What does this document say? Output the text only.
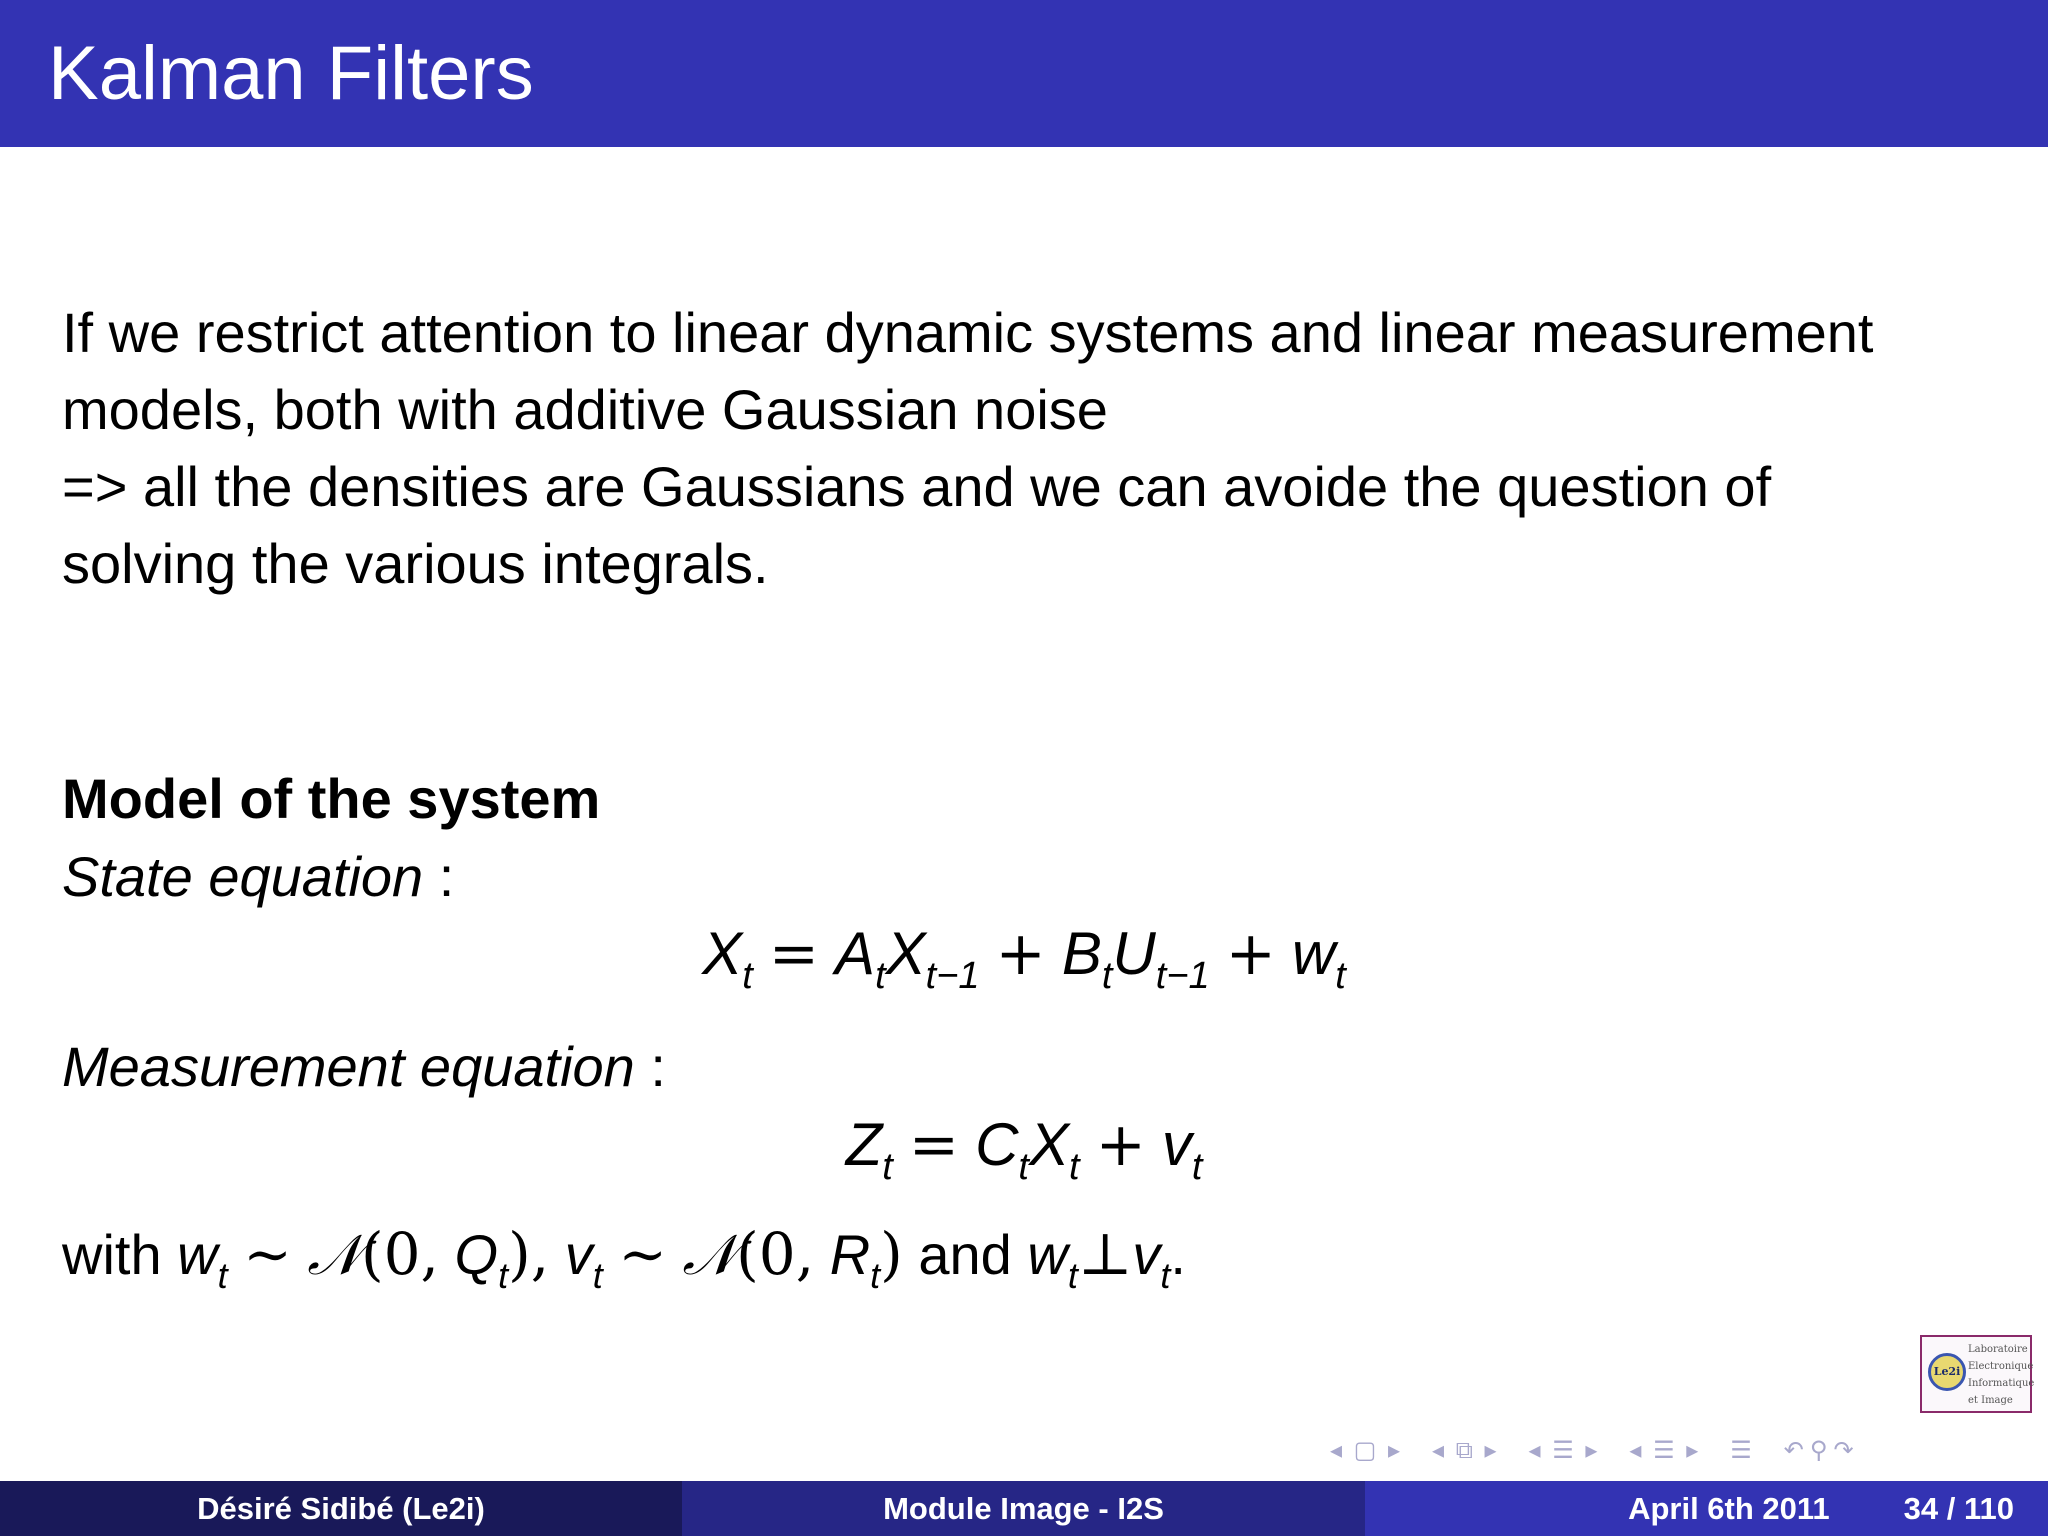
Kalman Filters
If we restrict attention to linear dynamic systems and linear measurement
models, both with additive Gaussian noise
=> all the densities are Gaussians and we can avoide the question of
solving the various integrals.
Model of the system
State equation :
$X_t = A_tX_{t-1} + B_tU_{t-1} + w_t$
Measurement equation :
$Z_t = C_tX_t + v_t$
with $w_t$ ∼ 𝒩(0, $Q_t$), $v_t$ ∼ 𝒩(0, $R_t$) and $w_t\perp v_t$.
Le2i
Laboratoire
Electronique
Informatique
et Image
◂ ▢ ▸ ◂ ⧉ ▸ ◂ ☰ ▸ ◂ ☰ ▸ ☰ ↶ ⚲ ↷
Désiré Sidibé (Le2i)	Module Image - I2S	April 6th 2011 34 / 110
